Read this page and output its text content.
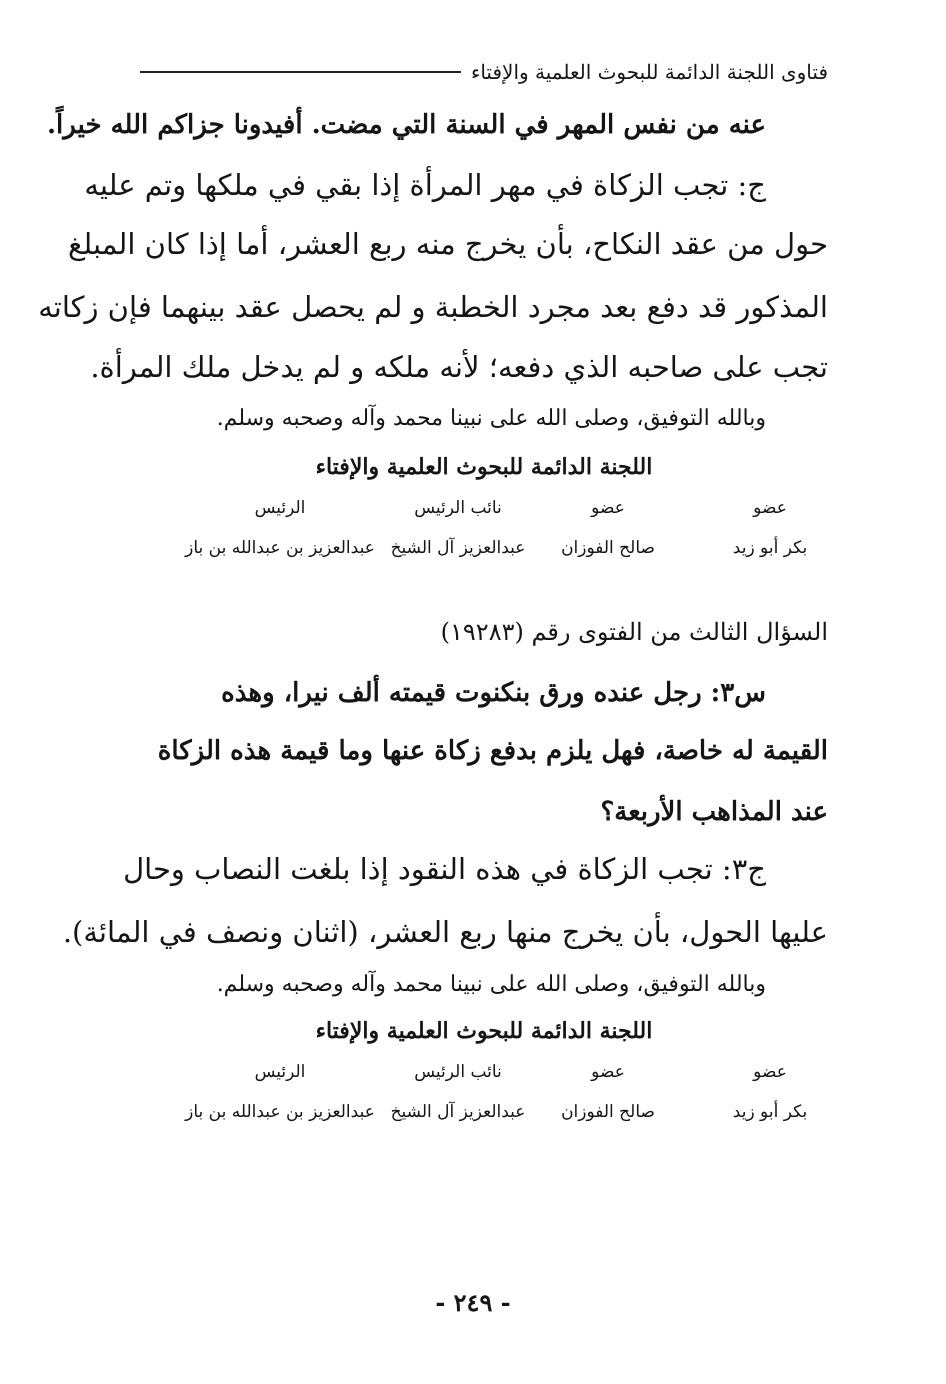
فتاوى اللجنة الدائمة للبحوث العلمية والإفتاء
عنه من نفس المهر في السنة التي مضت. أفيدونا جزاكم الله خيراً.
ج: تجب الزكاة في مهر المرأة إذا بقي في ملكها وتم عليه
حول من عقد النكاح، بأن يخرج منه ربع العشر، أما إذا كان المبلغ
المذكور قد دفع بعد مجرد الخطبة و لم يحصل عقد بينهما فإن زكاته
تجب على صاحبه الذي دفعه؛ لأنه ملكه و لم يدخل ملك المرأة.
وبالله التوفيق، وصلى الله على نبينا محمد وآله وصحبه وسلم.
اللجنة الدائمة للبحوث العلمية والإفتاء
عضو
عضو
نائب الرئيس
الرئيس
بكر أبو زيد
صالح الفوزان
عبدالعزيز آل الشيخ
عبدالعزيز بن عبدالله بن باز
السؤال الثالث من الفتوى رقم (١٩٢٨٣)
س٣: رجل عنده ورق بنكنوت قيمته ألف نيرا، وهذه
القيمة له خاصة، فهل يلزم بدفع زكاة عنها وما قيمة هذه الزكاة
عند المذاهب الأربعة؟
ج٣: تجب الزكاة في هذه النقود إذا بلغت النصاب وحال
عليها الحول، بأن يخرج منها ربع العشر، (اثنان ونصف في المائة).
وبالله التوفيق، وصلى الله على نبينا محمد وآله وصحبه وسلم.
اللجنة الدائمة للبحوث العلمية والإفتاء
عضو
عضو
نائب الرئيس
الرئيس
بكر أبو زيد
صالح الفوزان
عبدالعزيز آل الشيخ
عبدالعزيز بن عبدالله بن باز
- ٢٤٩ -
